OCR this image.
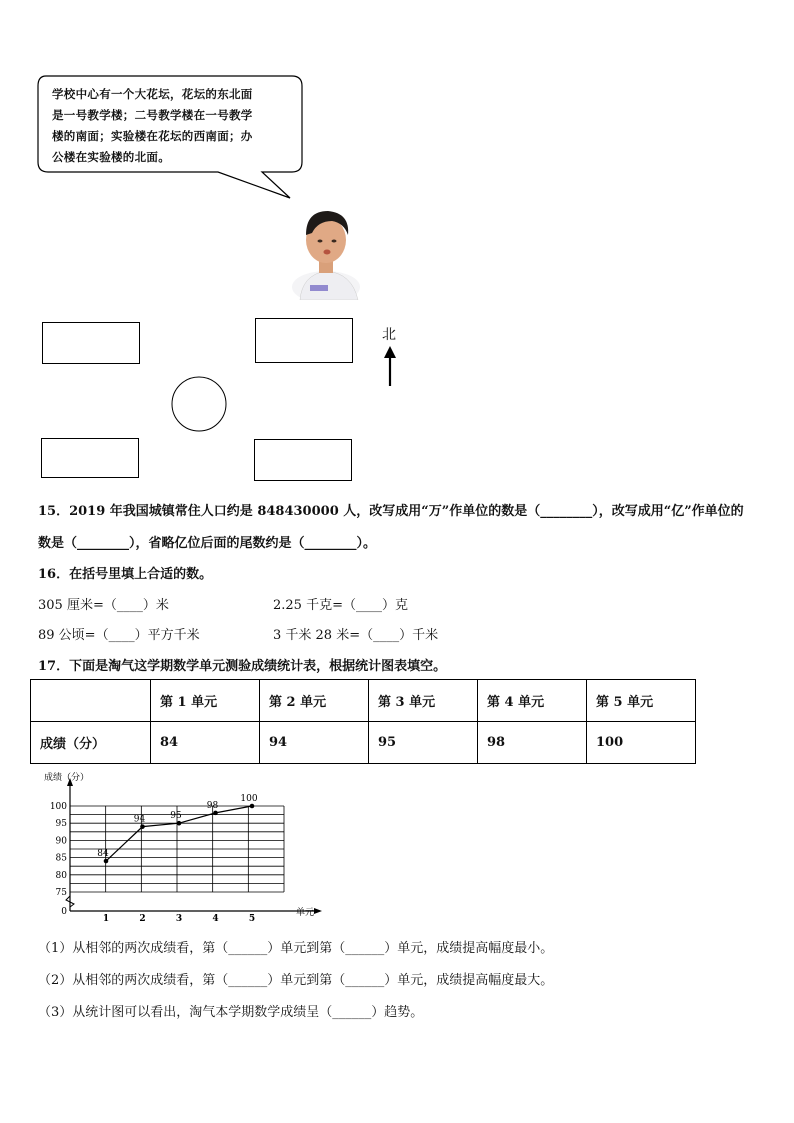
学校中心有一个大花坛，花坛的东北面
是一号教学楼；二号教学楼在一号教学
楼的南面；实验楼在花坛的西南面；办
公楼在实验楼的北面。
北
15．2019 年我国城镇常住人口约是 848430000 人，改写成用“万”作单位的数是（________），改写成用“亿”作单位的
数是（________），省略亿位后面的尾数约是（________）。
16．在括号里填上合适的数。
305 厘米=（____）米	2.25 千克=（____）克
89 公顷=（____）平方千米	3 千米 28 米=（____）千米
17．下面是淘气这学期数学单元测验成绩统计表，根据统计图表填空。
	第 1 单元	第 2 单元	第 3 单元	第 4 单元	第 5 单元
成绩（分）	84	94	95	98	100
成绩（分）
单元
0
75
80
85
90
95
100
1	2	3	4	5
84
94	95
98
100
（1）从相邻的两次成绩看，第（______）单元到第（______）单元，成绩提高幅度最小。
（2）从相邻的两次成绩看，第（______）单元到第（______）单元，成绩提高幅度最大。
（3）从统计图可以看出，淘气本学期数学成绩呈（______）趋势。
